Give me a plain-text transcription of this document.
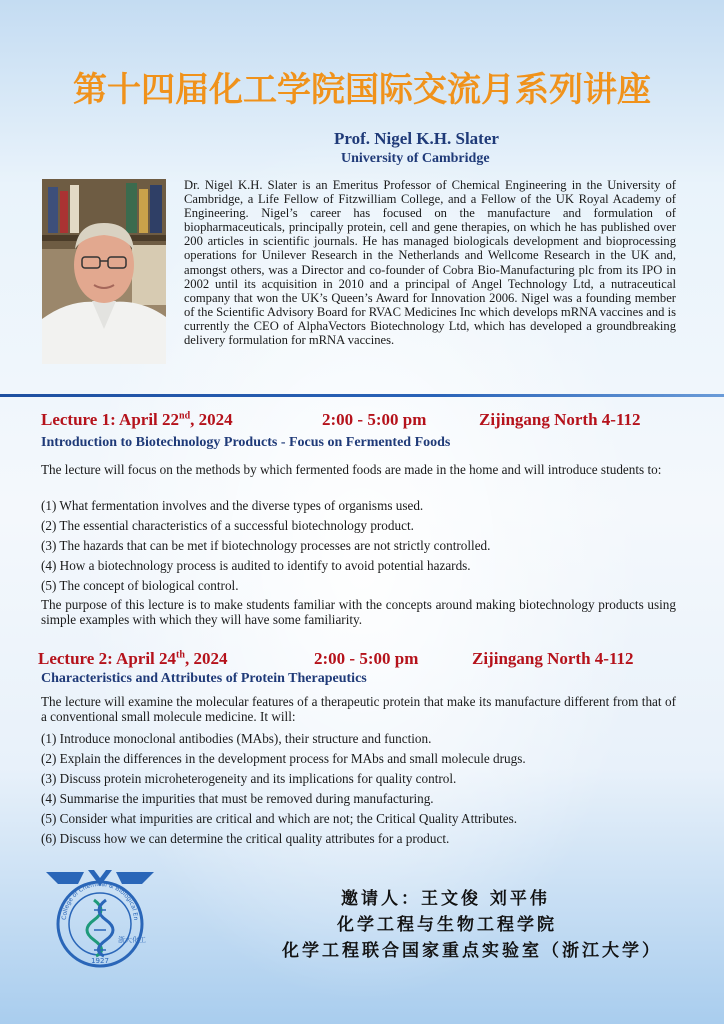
第十四届化工学院国际交流月系列讲座
Prof. Nigel K.H. Slater
University of Cambridge
Dr. Nigel K.H. Slater is an Emeritus Professor of Chemical Engineering in the University of Cambridge, a Life Fellow of Fitzwilliam College, and a Fellow of the UK Royal Academy of Engineering. Nigel’s career has focused on the manufacture and formulation of biopharmaceuticals, principally protein, cell and gene therapies, on which he has published over 200 articles in scientific journals. He has managed biologicals development and bioprocessing operations for Unilever Research in the Netherlands and Wellcome Research in the UK and, amongst others, was a Director and co-founder of Cobra Bio-Manufacturing plc from its IPO in 2002 until its acquisition in 2010 and a principal of Angel Technology Ltd, a nutraceutical company that won the UK’s Queen’s Award for Innovation 2006. Nigel was a founding member of the Scientific Advisory Board for RVAC Medicines Inc which develops mRNA vaccines and is currently the CEO of AlphaVectors Biotechnology Ltd, which has developed a groundbreaking delivery formulation for mRNA vaccines.
Lecture 1: April 22nd, 2024	2:00 - 5:00 pm	Zijingang North 4-112
Introduction to Biotechnology Products - Focus on Fermented Foods
The lecture will focus on the methods by which fermented foods are made in the home and will introduce students to:
(1) What fermentation involves and the diverse types of organisms used.
(2) The essential characteristics of a successful biotechnology product.
(3) The hazards that can be met if biotechnology processes are not strictly controlled.
(4) How a biotechnology process is audited to identify to avoid potential hazards.
(5) The concept of biological control.
The purpose of this lecture is to make students familiar with the concepts around making biotechnology products using simple examples with which they will have some familiarity.
Lecture 2: April 24th, 2024	2:00 - 5:00 pm	Zijingang North 4-112
Characteristics and Attributes of Protein Therapeutics
The lecture will examine the molecular features of a therapeutic protein that make its manufacture different from that of a conventional small molecule medicine. It will:
(1) Introduce monoclonal antibodies (MAbs), their structure and function.
(2) Explain the differences in the development process for MAbs and small molecule drugs.
(3) Discuss protein microheterogeneity and its implications for quality control.
(4) Summarise the impurities that must be removed during manufacturing.
(5) Consider what impurities are critical and which are not; the Critical Quality Attributes.
(6) Discuss how we can determine the critical quality attributes for a product.
College of Chemical & Biological En
浙大化工
1927
邀请人：王文俊 刘平伟
化学工程与生物工程学院
化学工程联合国家重点实验室（浙江大学）
